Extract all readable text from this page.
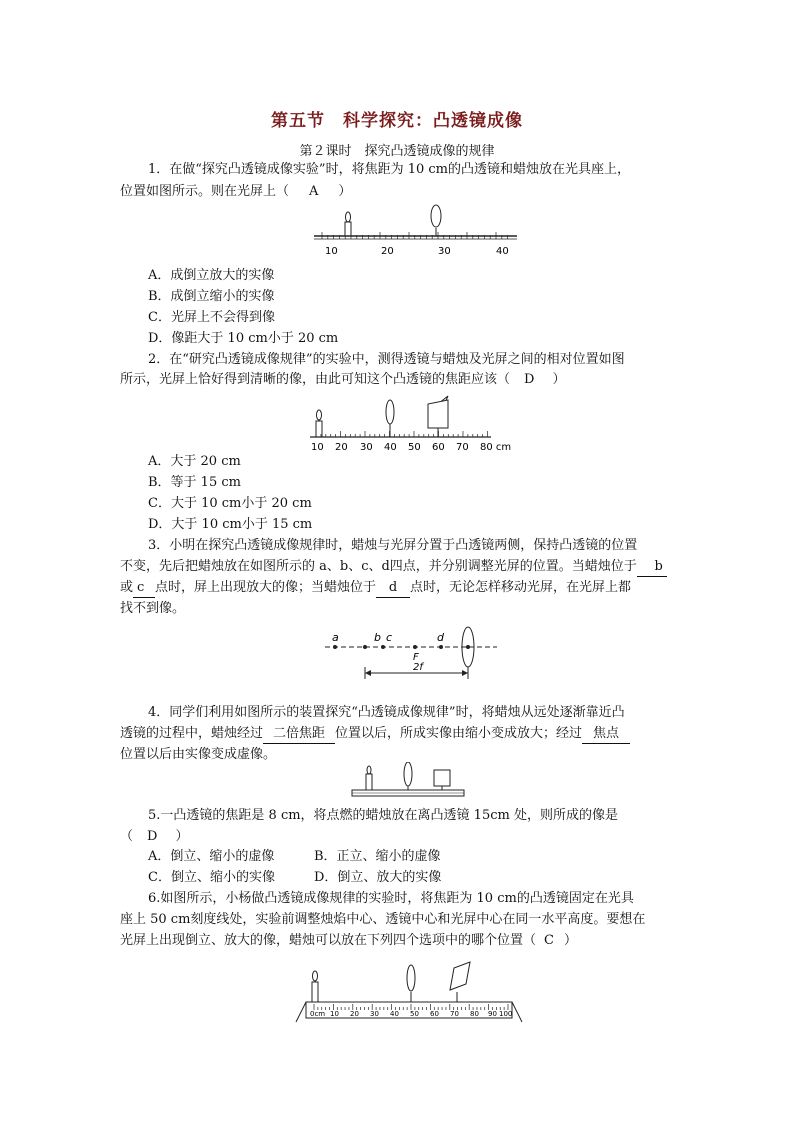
第五节　科学探究：凸透镜成像
第２课时　探究凸透镜成像的规律
1．在做“探究凸透镜成像实验”时，将焦距为 10 cm的凸透镜和蜡烛放在光具座上，
位置如图所示。则在光屏上（ A ）
10	20	30	40
A．成倒立放大的实像
B．成倒立缩小的实像
C．光屏上不会得到像
D．像距大于 10 cm小于 20 cm
2．在“研究凸透镜成像规律”的实验中，测得透镜与蜡烛及光屏之间的相对位置如图
所示，光屏上恰好得到清晰的像，由此可知这个凸透镜的焦距应该（ D ）
10 20 30 40 50 60 70 80 cm
A．大于 20 cm
B．等于 15 cm
C．大于 10 cm小于 20 cm
D．大于 10 cm小于 15 cm
3．小明在探究凸透镜成像规律时，蜡烛与光屏分置于凸透镜两侧，保持凸透镜的位置
不变，先后把蜡烛放在如图所示的 a、b、c、d四点，并分别调整光屏的位置。当蜡烛位于 b
或 c 点时，屏上出现放大的像；当蜡烛位于 d 点时，无论怎样移动光屏，在光屏上都
找不到像。
a	b c	d
F
2f
4．同学们利用如图所示的装置探究“凸透镜成像规律”时，将蜡烛从远处逐渐靠近凸
透镜的过程中，蜡烛经过 二倍焦距 位置以后，所成实像由缩小变成放大；经过 焦点
位置以后由实像变成虚像。
5.一凸透镜的焦距是 8 cm，将点燃的蜡烛放在离凸透镜 15cm 处，则所成的像是
（ D ）
A．倒立、缩小的虚像	B．正立、缩小的虚像
C．倒立、缩小的实像	D．倒立、放大的实像
6.如图所示，小杨做凸透镜成像规律的实验时，将焦距为 10 cm的凸透镜固定在光具
座上 50 cm刻度线处，实验前调整烛焰中心、透镜中心和光屏中心在同一水平高度。要想在
光屏上出现倒立、放大的像，蜡烛可以放在下列四个选项中的哪个位置（ C ）
0cm 10 20 30 40 50 60 70 80 90 100
